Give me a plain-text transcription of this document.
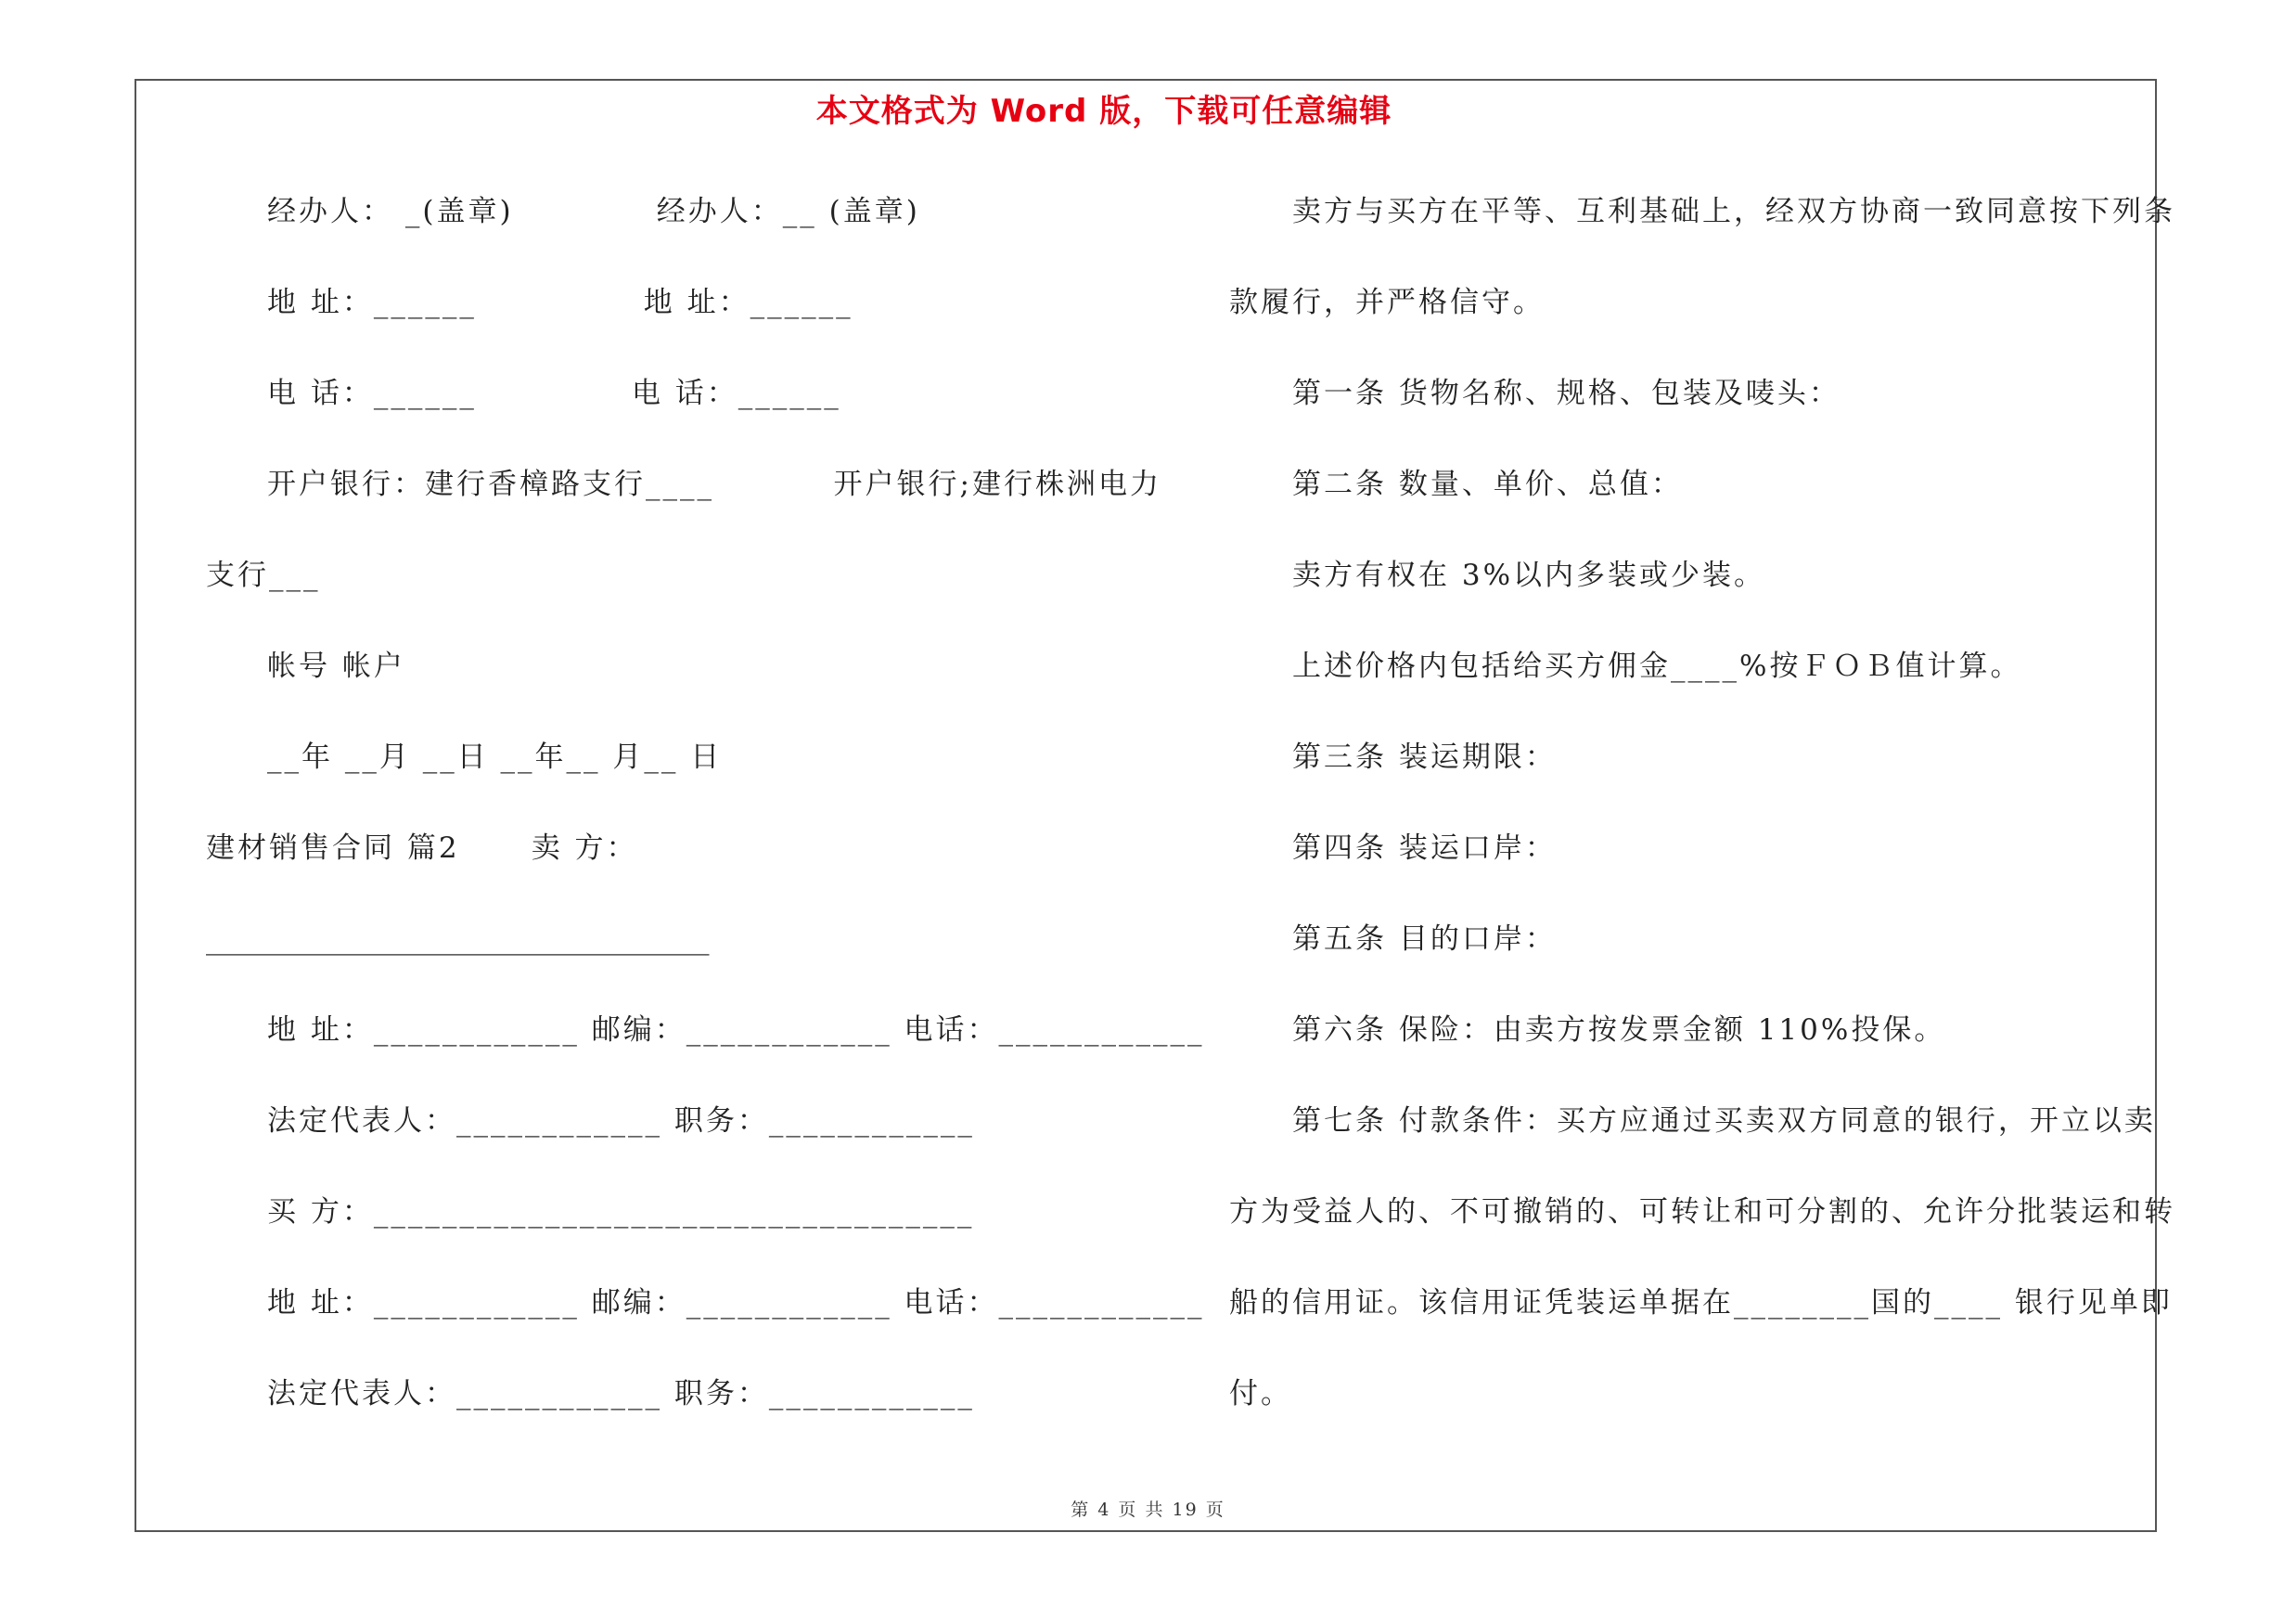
本文格式为 Word 版，下载可任意编辑
经办人： _(盖章)            经办人：__ (盖章)
地 址：______              地 址：______
电 话：______             电 话：______
开户银行：建行香樟路支行____          开户银行;建行株洲电力
支行___
帐号 帐户
__年 __月 __日 __年__ 月__ 日
建材销售合同 篇2      卖 方：
___________________________________
地 址：____________ 邮编：____________ 电话：____________
法定代表人：____________ 职务：____________
买 方：___________________________________
地 址：____________ 邮编：____________ 电话：____________
法定代表人：____________ 职务：____________
卖方与买方在平等、互利基础上，经双方协商一致同意按下列条
款履行，并严格信守。
第一条 货物名称、规格、包装及唛头：
第二条 数量、单价、总值：
卖方有权在 3%以内多装或少装。
上述价格内包括给买方佣金____%按ＦＯＢ值计算。
第三条 装运期限：
第四条 装运口岸：
第五条 目的口岸：
第六条 保险：由卖方按发票金额 110%投保。
第七条 付款条件：买方应通过买卖双方同意的银行，开立以卖
方为受益人的、不可撤销的、可转让和可分割的、允许分批装运和转
船的信用证。该信用证凭装运单据在________国的____ 银行见单即
付。
第 4 页 共 19 页
